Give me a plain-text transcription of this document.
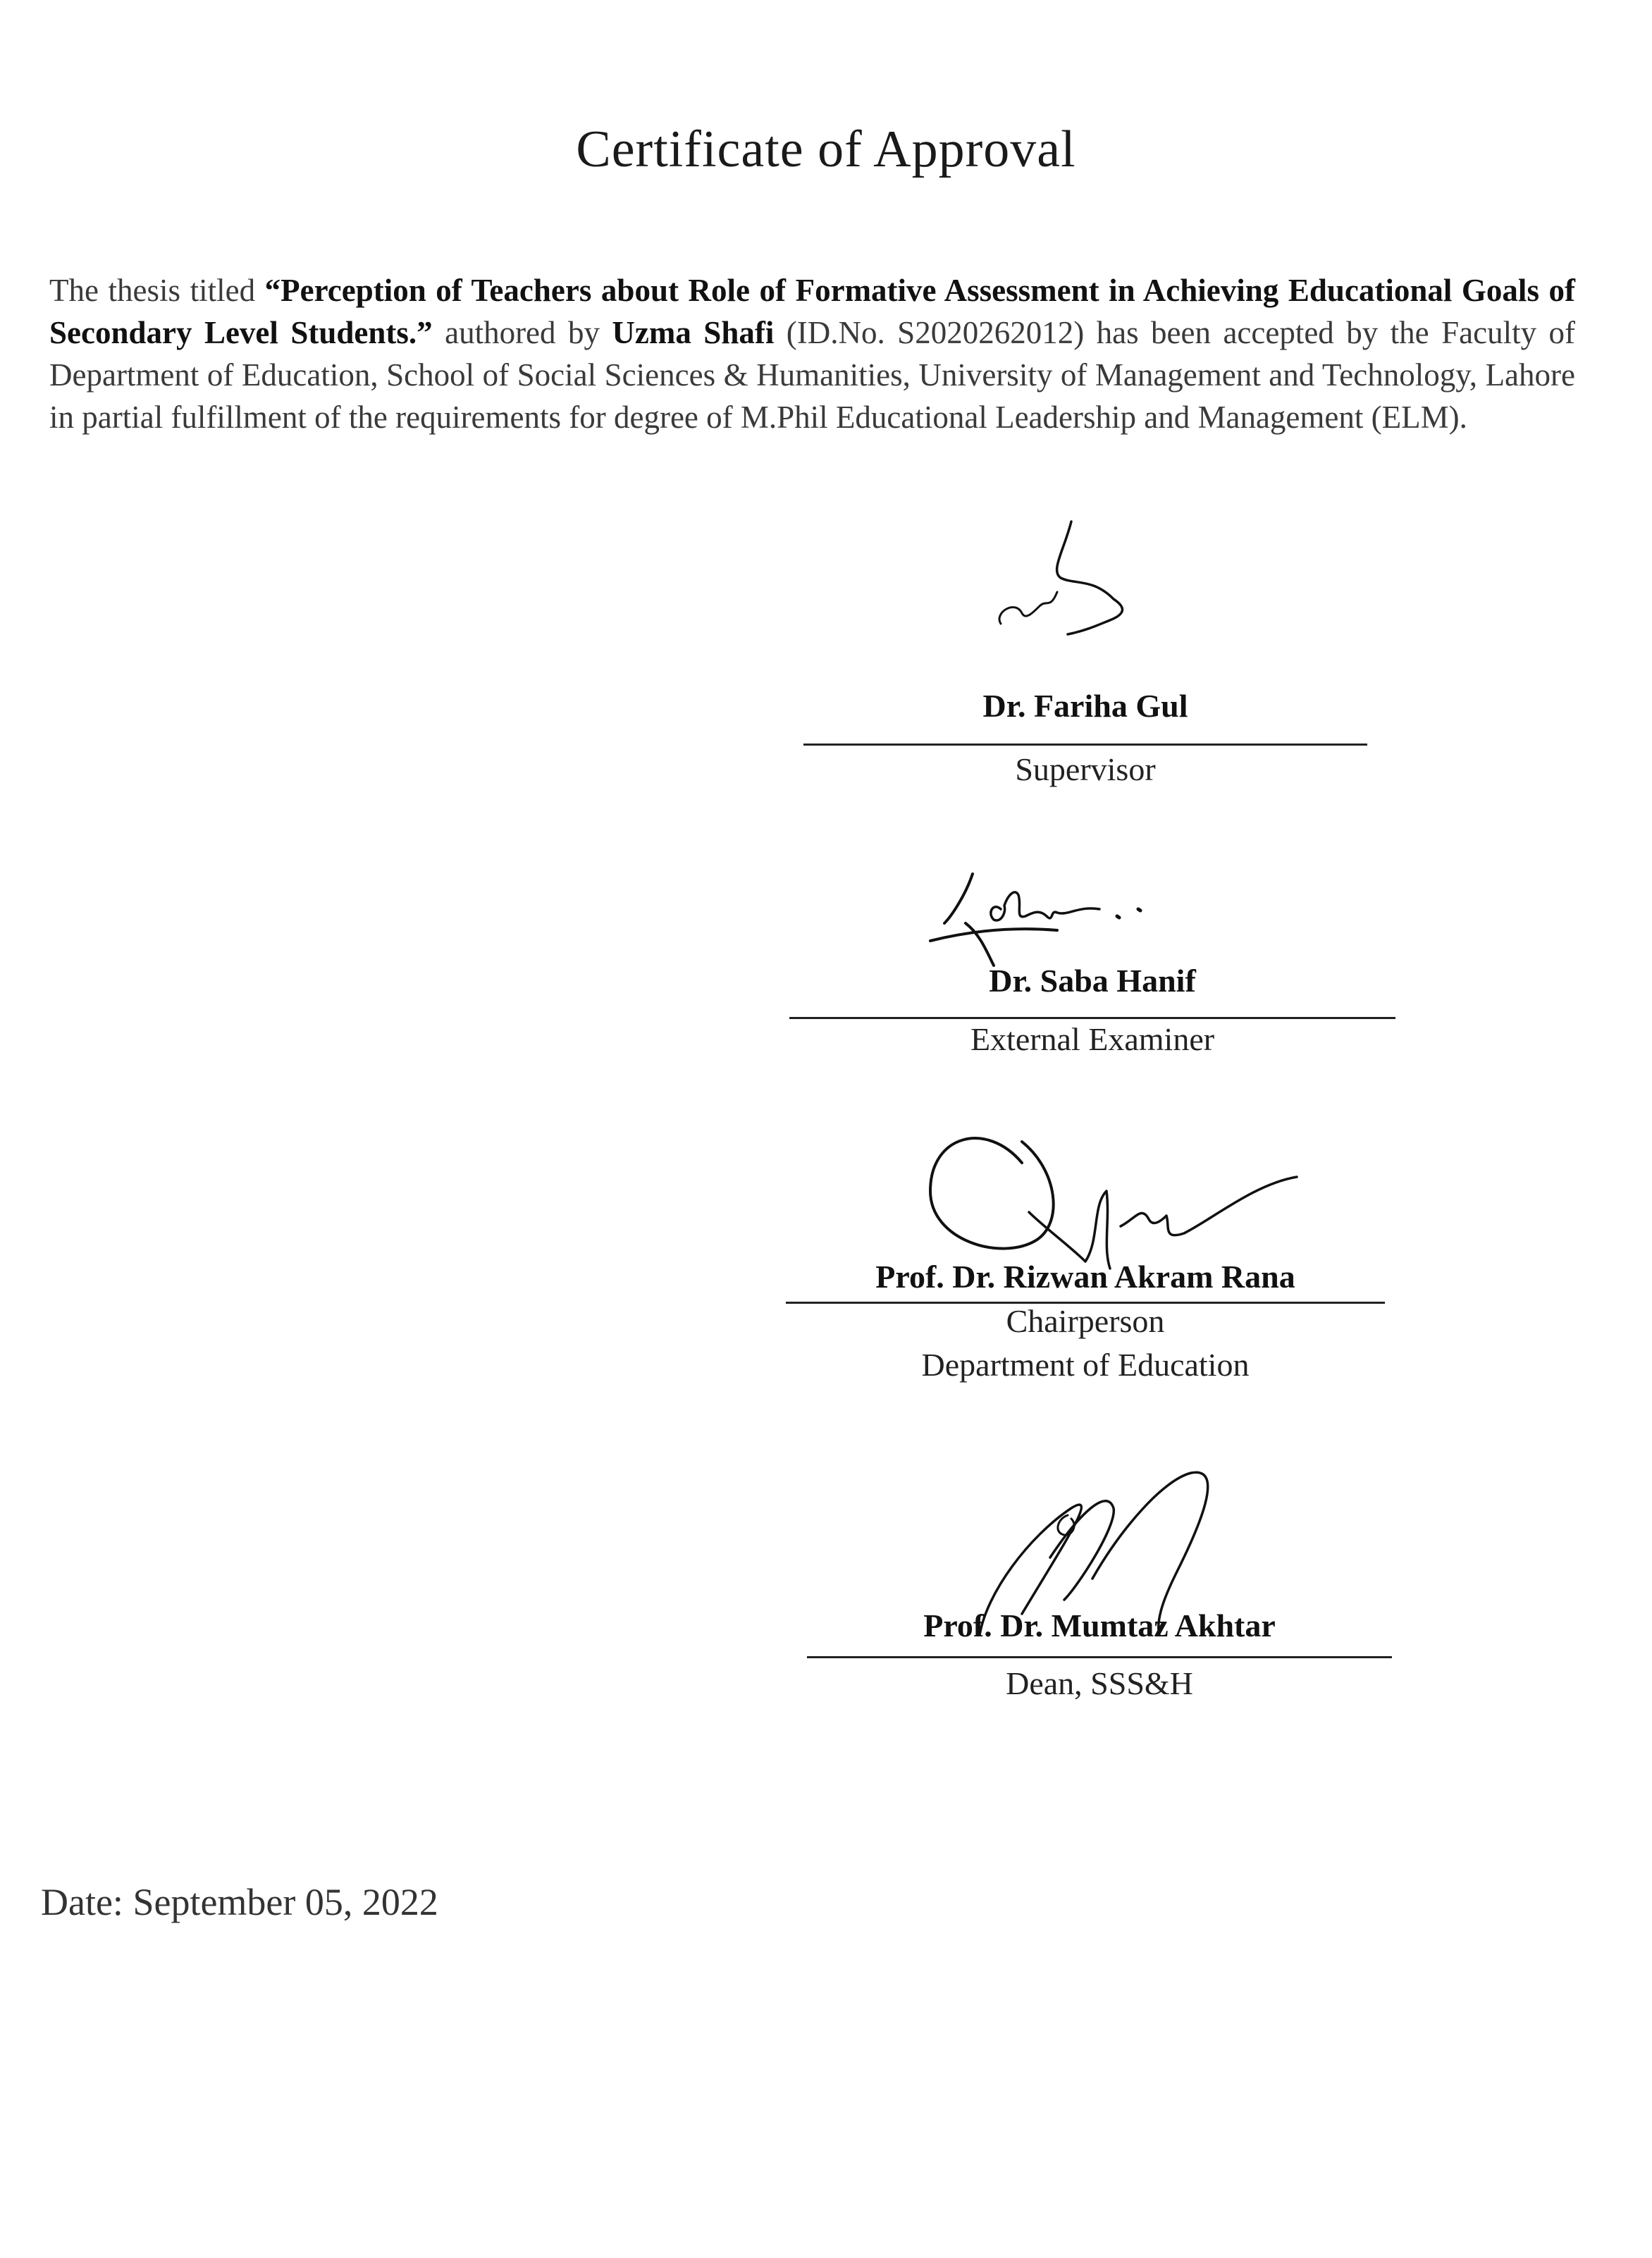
Certificate of Approval

The thesis titled “Perception of Teachers about Role of Formative Assessment in Achieving Educational Goals of Secondary Level Students.” authored by Uzma Shafi (ID.No. S2020262012) has been accepted by the Faculty of Department of Education, School of Social Sciences & Humanities, University of Management and Technology, Lahore in partial fulfillment of the requirements for degree of M.Phil Educational Leadership and Management (ELM).

Dr. Fariha Gul
Supervisor
Dr. Saba Hanif
External Examiner
Prof. Dr. Rizwan Akram Rana
Chairperson
Department of Education
Prof. Dr. Mumtaz Akhtar
Dean, SSS&H
Date: September 05, 2022
